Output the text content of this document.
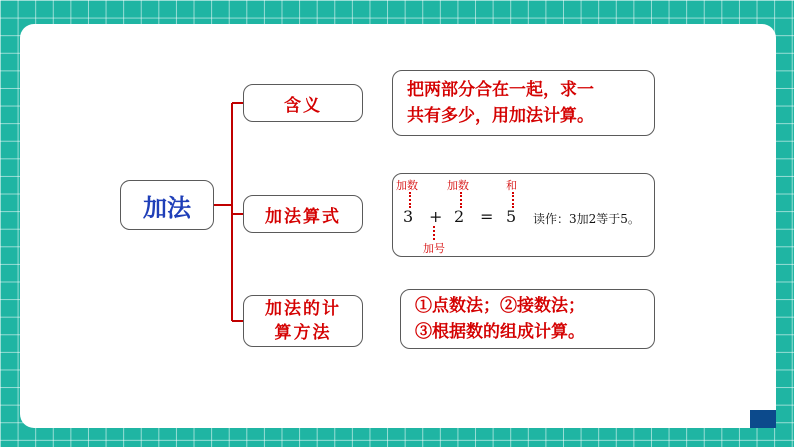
加法
含义
加法算式
加法的计
算方法
把两部分合在一起，求一
共有多少，用加法计算。
加数	加数	和
3 + 2 = 5 读作：3加2等于5。
加号
①点数法；②接数法；
③根据数的组成计算。
